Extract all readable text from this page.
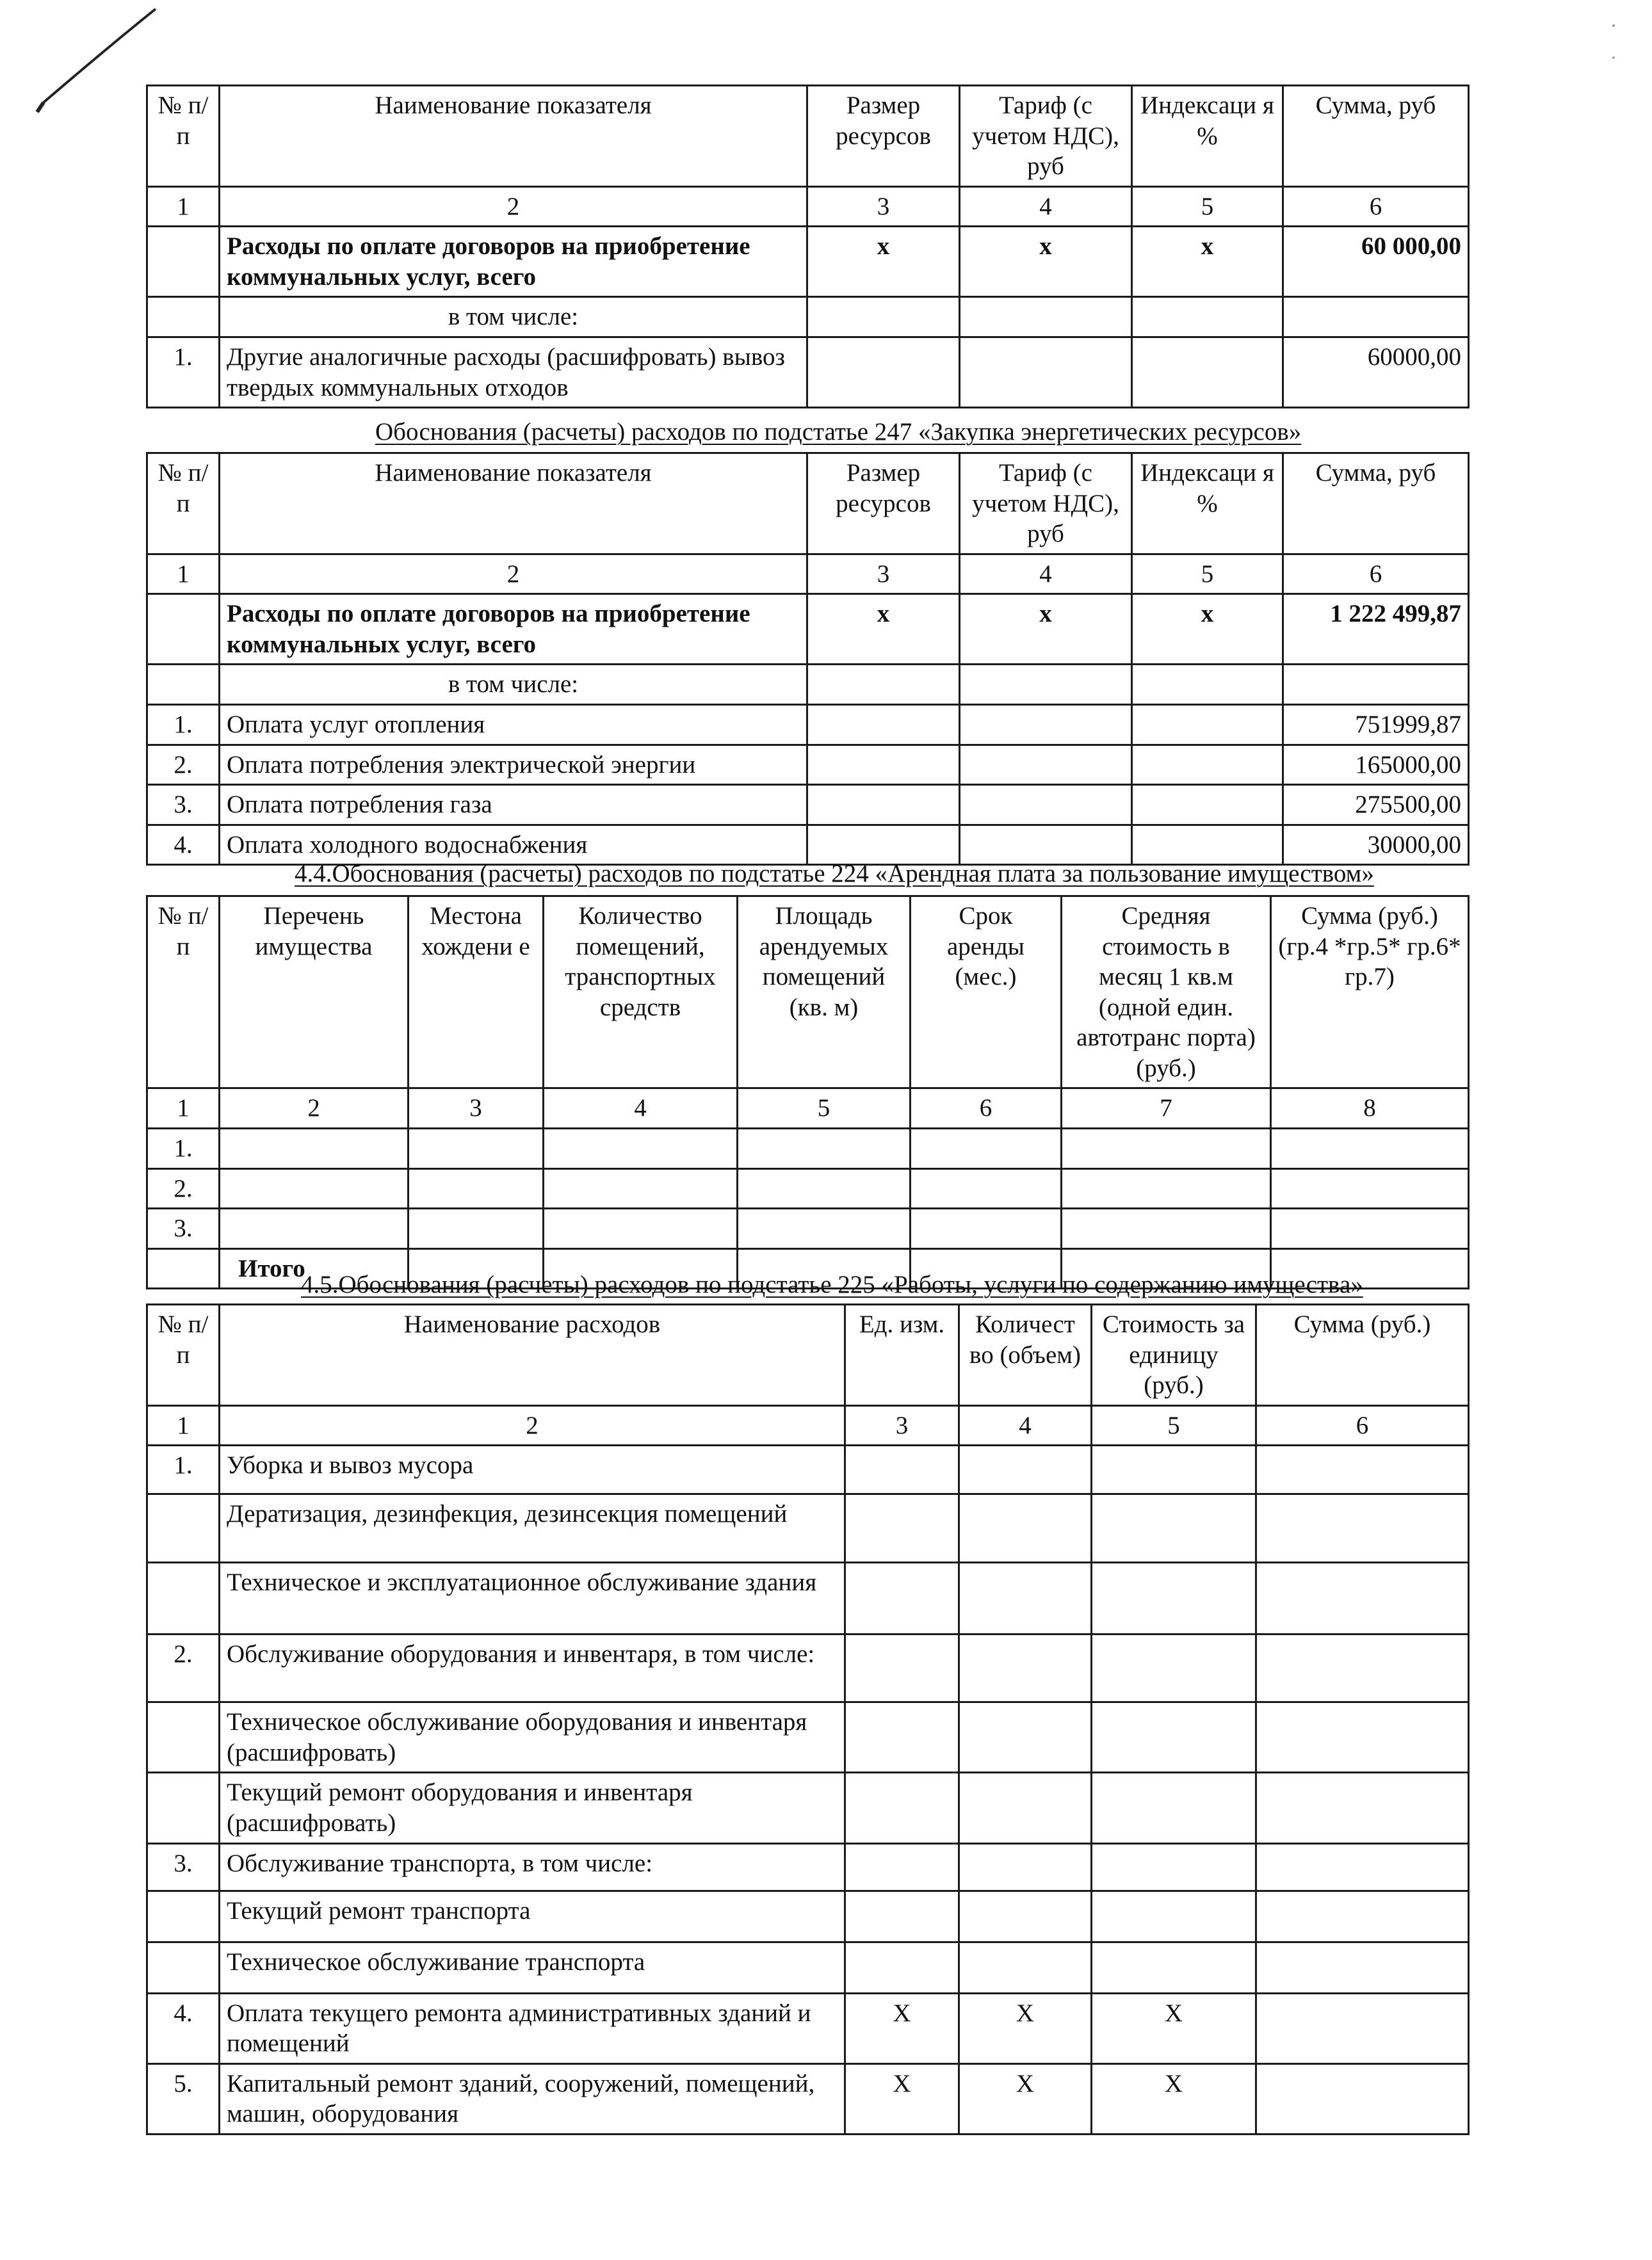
№ п/п	Наименование показателя	Размер ресурсов	Тариф (с учетом НДС), руб	Индексаци я %	Сумма, руб
1	2	3	4	5	6
	Расходы по оплате договоров на приобретение коммунальных услуг, всего	х	х	х	60 000,00
	в том числе:				
1.	Другие аналогичные расходы (расшифровать) вывоз твердых коммунальных отходов				60000,00
Обоснования (расчеты) расходов по подстатье 247 «Закупка энергетических ресурсов»
№ п/п	Наименование показателя	Размер ресурсов	Тариф (с учетом НДС), руб	Индексаци я %	Сумма, руб
1	2	3	4	5	6
	Расходы по оплате договоров на приобретение коммунальных услуг, всего	х	х	х	1 222 499,87
	в том числе:				
1.	Оплата услуг отопления				751999,87
2.	Оплата потребления электрической энергии				165000,00
3.	Оплата потребления газа				275500,00
4.	Оплата холодного водоснабжения				30000,00
4.4.Обоснования (расчеты) расходов по подстатье 224 «Арендная плата за пользование имуществом»
№ п/п	Перечень имущества	Местона хождени е	Количество помещений, транспортных средств	Площадь арендуемых помещений (кв. м)	Срок аренды (мес.)	Средняя стоимость в месяц 1 кв.м (одной един. автотранс порта) (руб.)	Сумма (руб.) (гр.4 *гр.5* гр.6* гр.7)
1	2	3	4	5	6	7	8
1.							
2.							
3.							
	Итого						
4.5.Обоснования (расчеты) расходов по подстатье 225 «Работы, услуги по содержанию имущества»
№ п/п	Наименование расходов	Ед. изм.	Количест во (объем)	Стоимость за единицу (руб.)	Сумма (руб.)
1	2	3	4	5	6
1.	Уборка и вывоз мусора				
	Дератизация, дезинфекция, дезинсекция помещений				
	Техническое и эксплуатационное обслуживание здания				
2.	Обслуживание оборудования и инвентаря, в том числе:				
	Техническое обслуживание оборудования и инвентаря (расшифровать)				
	Текущий ремонт оборудования и инвентаря (расшифровать)				
3.	Обслуживание транспорта, в том числе:				
	Текущий ремонт транспорта				
	Техническое обслуживание транспорта				
4.	Оплата текущего ремонта административных зданий и помещений	Х	Х	Х	
5.	Капитальный ремонт зданий, сооружений, помещений, машин, оборудования	Х	Х	Х	
